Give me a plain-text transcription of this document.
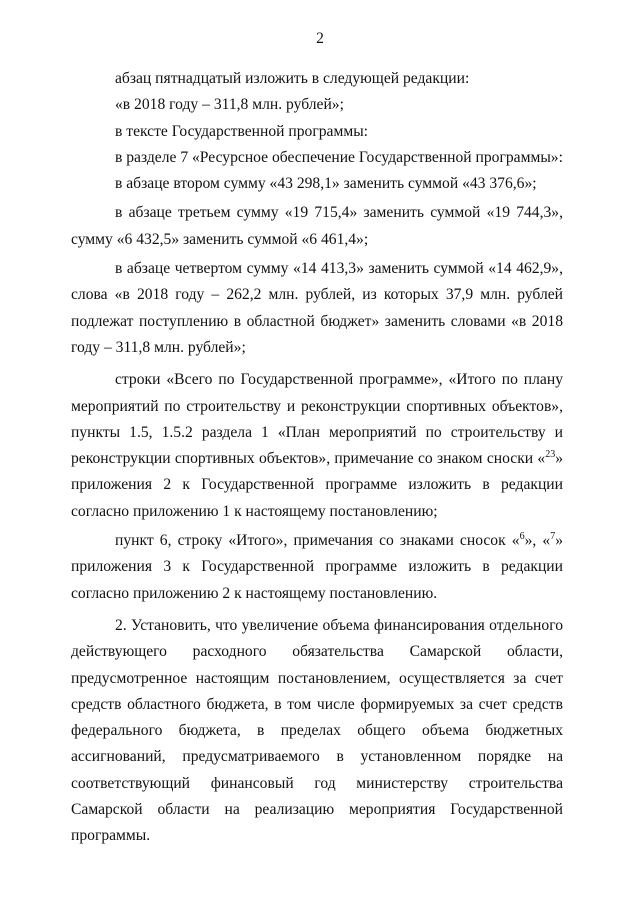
2

абзац пятнадцатый изложить в следующей редакции:

«в 2018 году – 311,8 млн. рублей»;

в тексте Государственной программы:

в разделе 7 «Ресурсное обеспечение Государственной программы»:

в абзаце втором сумму «43 298,1» заменить суммой «43 376,6»;

в абзаце третьем сумму «19 715,4» заменить суммой «19 744,3», сумму «6 432,5» заменить суммой «6 461,4»;

в абзаце четвертом сумму «14 413,3» заменить суммой «14 462,9», слова «в 2018 году – 262,2 млн. рублей, из которых 37,9 млн. рублей подлежат поступлению в областной бюджет» заменить словами «в 2018 году – 311,8 млн. рублей»;

строки «Всего по Государственной программе», «Итого по плану мероприятий по строительству и реконструкции спортивных объектов», пункты 1.5, 1.5.2 раздела 1 «План мероприятий по строительству и реконструкции спортивных объектов», примечание со знаком сноски «$^{23}$» приложения 2 к Государственной программе изложить в редакции согласно приложению 1 к настоящему постановлению;

пункт 6, строку «Итого», примечания со знаками сносок «$^6$», «$^7$» приложения 3 к Государственной программе изложить в редакции согласно приложению 2 к настоящему постановлению.

2. Установить, что увеличение объема финансирования отдельного действующего расходного обязательства Самарской области, предусмотренное настоящим постановлением, осуществляется за счет средств областного бюджета, в том числе формируемых за счет средств федерального бюджета, в пределах общего объема бюджетных ассигнований, предусматриваемого в установленном порядке на соответствующий финансовый год министерству строительства Самарской области на реализацию мероприятия Государственной программы.
